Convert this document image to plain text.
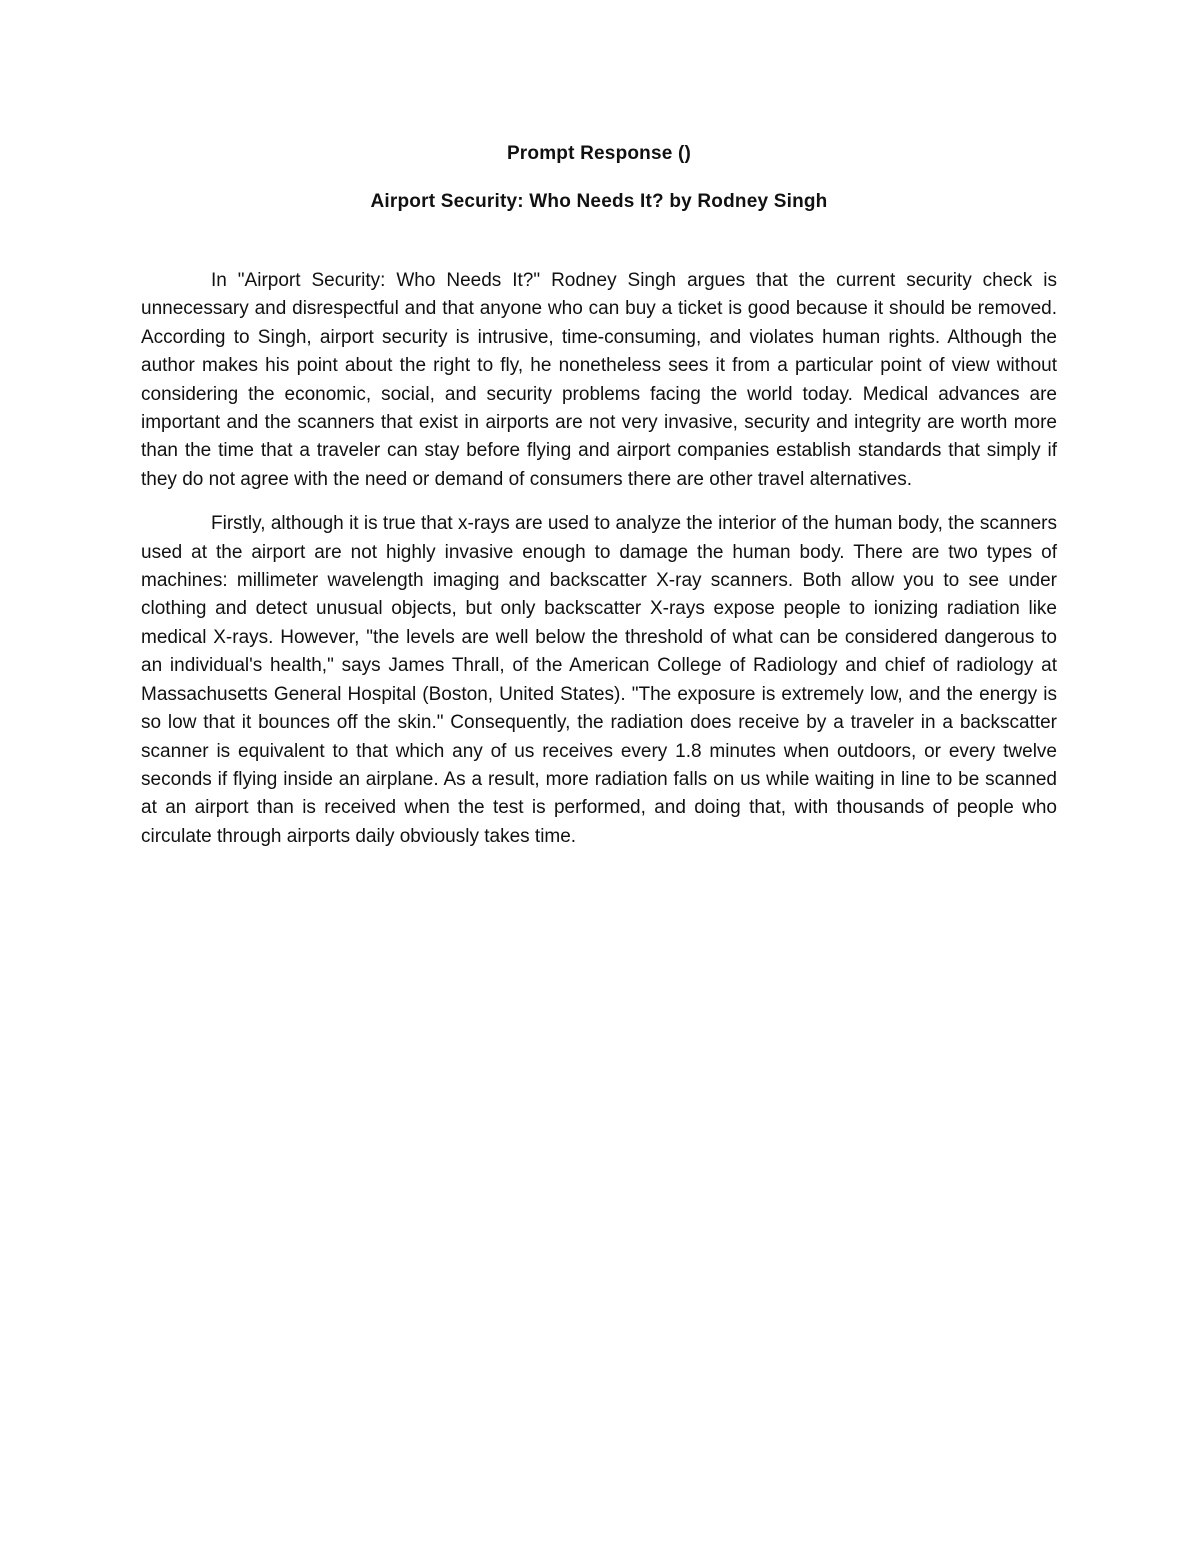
Prompt Response ()
Airport Security: Who Needs It? by Rodney Singh

In "Airport Security: Who Needs It?" Rodney Singh argues that the current security check is unnecessary and disrespectful and that anyone who can buy a ticket is good because it should be removed. According to Singh, airport security is intrusive, time-consuming, and violates human rights. Although the author makes his point about the right to fly, he nonetheless sees it from a particular point of view without considering the economic, social, and security problems facing the world today. Medical advances are important and the scanners that exist in airports are not very invasive, security and integrity are worth more than the time that a traveler can stay before flying and airport companies establish standards that simply if they do not agree with the need or demand of consumers there are other travel alternatives.

Firstly, although it is true that x-rays are used to analyze the interior of the human body, the scanners used at the airport are not highly invasive enough to damage the human body. There are two types of machines: millimeter wavelength imaging and backscatter X-ray scanners. Both allow you to see under clothing and detect unusual objects, but only backscatter X-rays expose people to ionizing radiation like medical X-rays. However, "the levels are well below the threshold of what can be considered dangerous to an individual's health," says James Thrall, of the American College of Radiology and chief of radiology at Massachusetts General Hospital (Boston, United States). "The exposure is extremely low, and the energy is so low that it bounces off the skin." Consequently, the radiation does receive by a traveler in a backscatter scanner is equivalent to that which any of us receives every 1.8 minutes when outdoors, or every twelve seconds if flying inside an airplane. As a result, more radiation falls on us while waiting in line to be scanned at an airport than is received when the test is performed, and doing that, with thousands of people who circulate through airports daily obviously takes time.
